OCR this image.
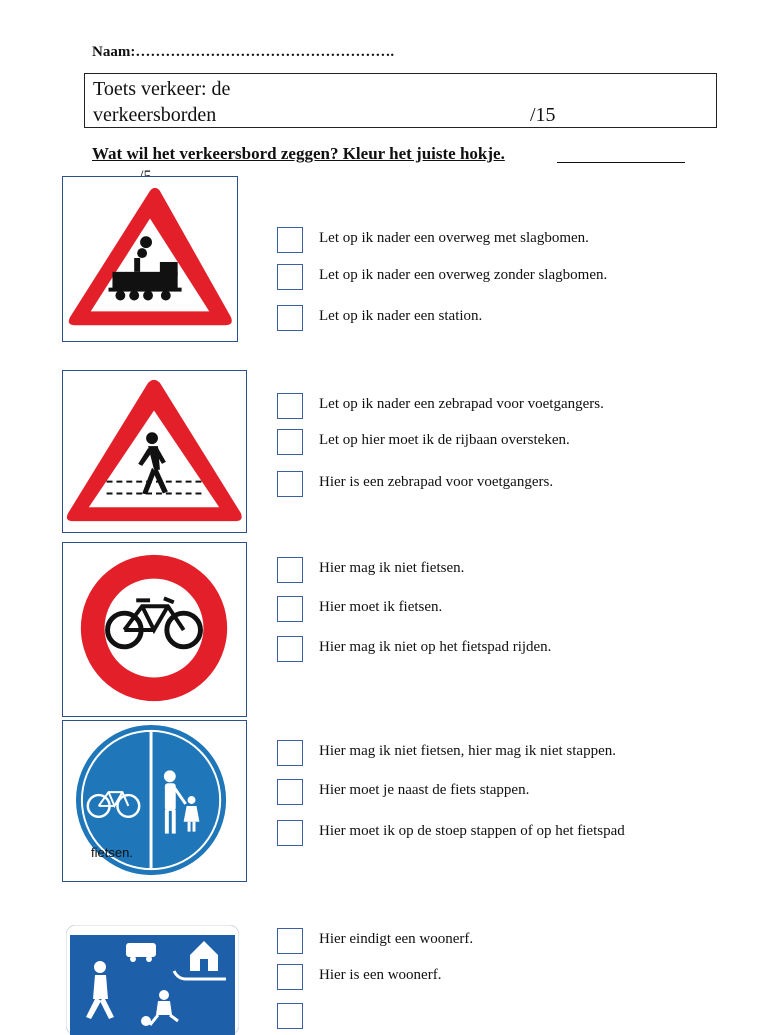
Naam:…………………………………………….
Toets verkeer: de
verkeersborden	/15
Wat wil het verkeersbord zeggen? Kleur het juiste hokje.
fietsen.
Let op ik nader een overweg met slagbomen.
Let op ik nader een overweg zonder slagbomen.
Let op ik nader een station.
Let op ik nader een zebrapad voor voetgangers.
Let op hier moet ik de rijbaan oversteken.
Hier is een zebrapad voor voetgangers.
Hier mag ik niet fietsen.
Hier moet ik fietsen.
Hier mag ik niet op het fietspad rijden.
Hier mag ik niet fietsen, hier mag ik niet stappen.
Hier moet je naast de fiets stappen.
Hier moet ik op de stoep stappen of op het fietspad
Hier eindigt een woonerf.
Hier is een woonerf.
